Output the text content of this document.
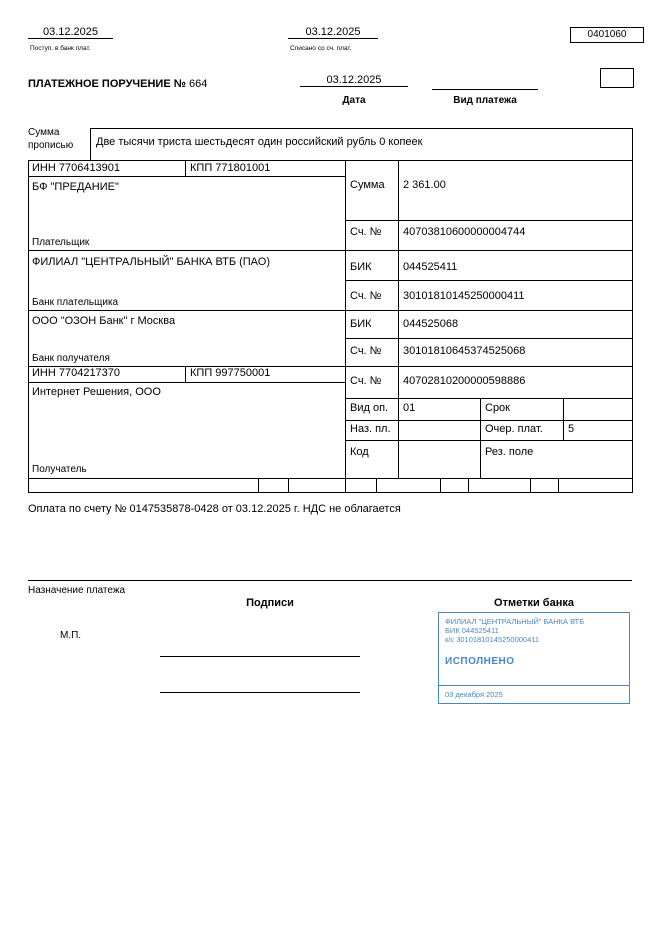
03.12.2025
Поступ. в банк плат.
03.12.2025
Списано со сч. плат.
0401060
ПЛАТЕЖНОЕ ПОРУЧЕНИЕ № 664	03.12.2025
Дата	Вид платежа
Сумма
прописью Две тысячи триста шестьдесят один российский рубль 0 копеек
ИНН 7706413901	КПП 771801001
БФ "ПРЕДАНИЕ"
Плательщик
ФИЛИАЛ "ЦЕНТРАЛЬНЫЙ" БАНКА ВТБ (ПАО)
Банк плательщика
ООО "ОЗОН Банк" г Москва
Банк получателя
ИНН 7704217370	КПП 997750001
Интернет Решения, ООО
Получатель
Сумма 2 361.00
Сч. № 40703810600000004744
БИК	044525411
Сч. № 30101810145250000411
БИК	044525068
Сч. № 30101810645374525068
Сч. № 40702810200000598886
Вид оп. 01	Срок
Наз. пл.	Очер. плат. 5
Код	Рез. поле
Оплата по счету № 0147535878-0428 от 03.12.2025 г. НДС не облагается
Назначение платежа
Подписи	Отметки банка
М.П.
ФИЛИАЛ "ЦЕНТРАЛЬНЫЙ" БАНКА ВТБ
БИК 044525411
к/с 30101810145250000411
ИСПОЛНЕНО
03 декабря 2025
